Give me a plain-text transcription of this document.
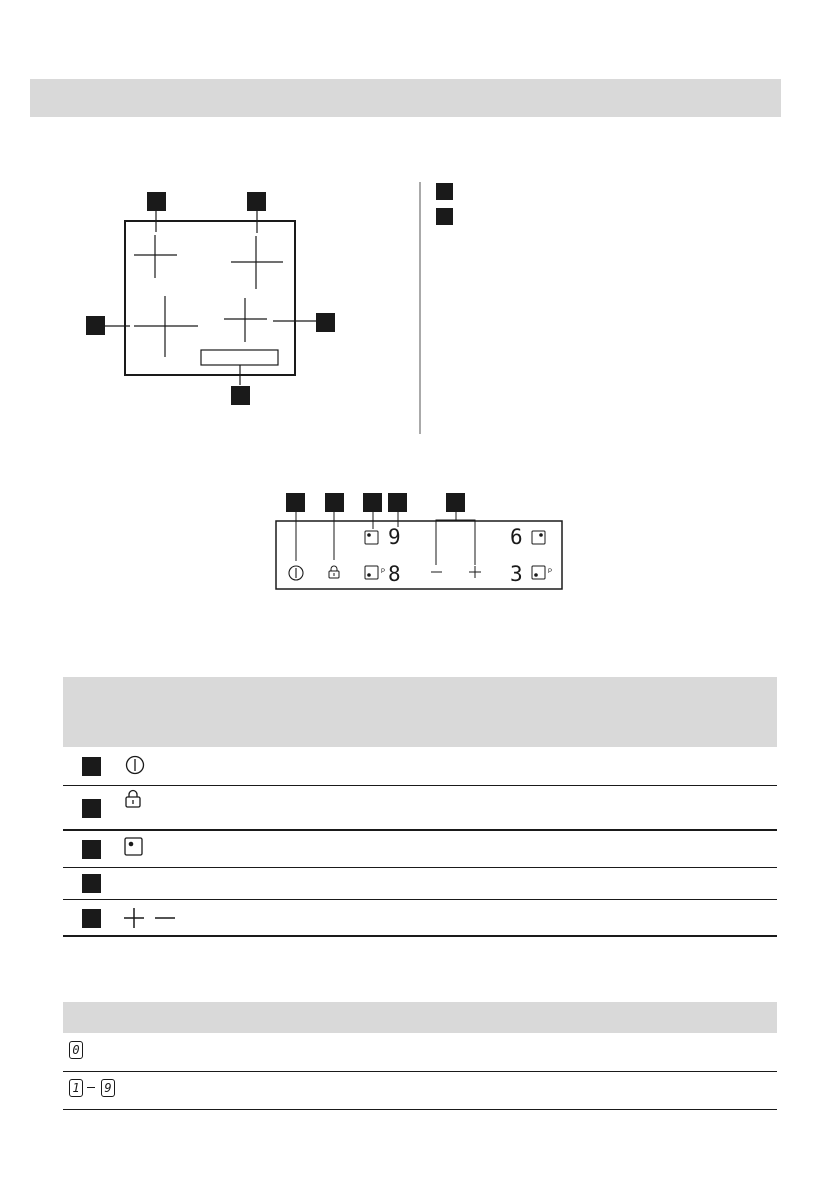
P	P
9
8
6
3
0
1 9
